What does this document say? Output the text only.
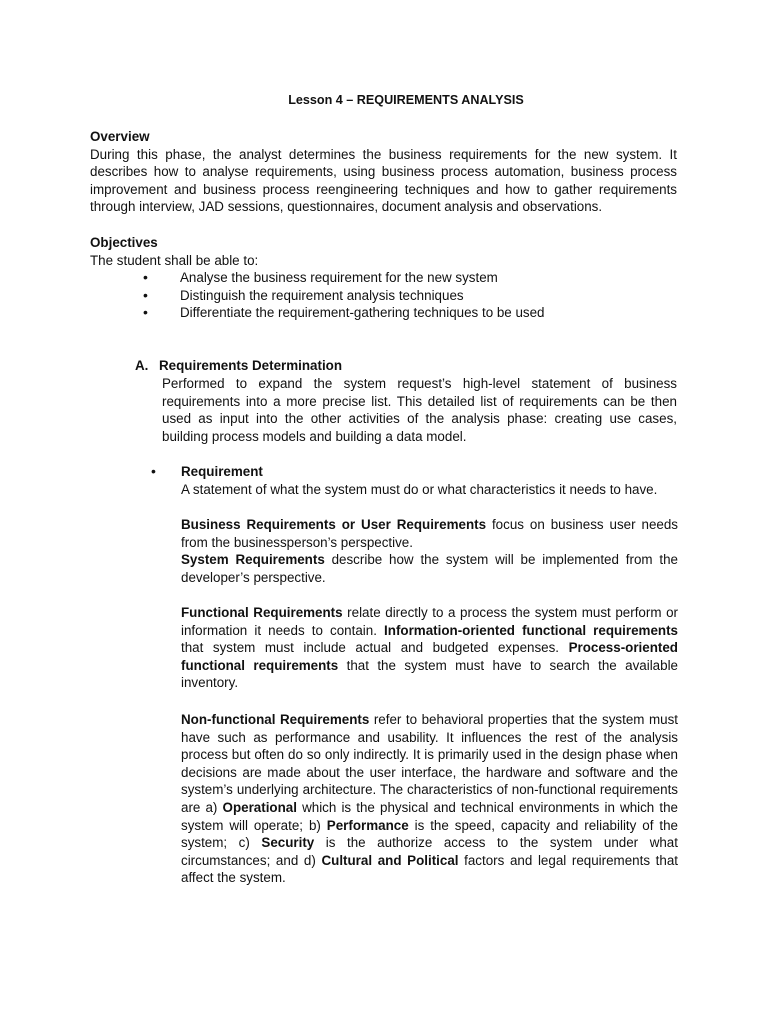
Lesson 4 – REQUIREMENTS ANALYSIS

Overview

During this phase, the analyst determines the business requirements for the new system. It describes how to analyse requirements, using business process automation, business process improvement and business process reengineering techniques and how to gather requirements through interview, JAD sessions, questionnaires, document analysis and observations.

Objectives

The student shall be able to:

• Analyse the business requirement for the new system
• Distinguish the requirement analysis techniques
• Differentiate the requirement-gathering techniques to be used
A. Requirements Determination

Performed to expand the system request’s high-level statement of business requirements into a more precise list. This detailed list of requirements can be then used as input into the other activities of the analysis phase: creating use cases, building process models and building a data model.

• Requirement

A statement of what the system must do or what characteristics it needs to have.

Business Requirements or User Requirements focus on business user needs from the businessperson’s perspective.

System Requirements describe how the system will be implemented from the developer’s perspective.

Functional Requirements relate directly to a process the system must perform or information it needs to contain. Information-oriented functional requirements that system must include actual and budgeted expenses. Process-oriented functional requirements that the system must have to search the available inventory.

Non-functional Requirements refer to behavioral properties that the system must have such as performance and usability. It influences the rest of the analysis process but often do so only indirectly. It is primarily used in the design phase when decisions are made about the user interface, the hardware and software and the system’s underlying architecture. The characteristics of non-functional requirements are a) Operational which is the physical and technical environments in which the system will operate; b) Performance is the speed, capacity and reliability of the system; c) Security is the authorize access to the system under what circumstances; and d) Cultural and Political factors and legal requirements that affect the system.
